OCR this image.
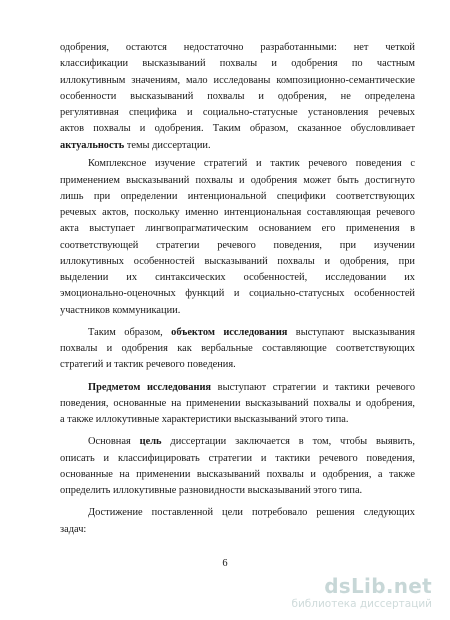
одобрения, остаются недостаточно разработанными: нет четкой
классификации высказываний похвалы и одобрения по частным
иллокутивным значениям, мало исследованы композиционно-семантические
особенности высказываний похвалы и одобрения, не определена
регулятивная специфика и социально-статусные установления речевых
актов похвалы и одобрения. Таким образом, сказанное обусловливает
актуальность темы диссертации.

Комплексное изучение стратегий и тактик речевого поведения с
применением высказываний похвалы и одобрения может быть достигнуто
лишь при определении интенциональной специфики соответствующих
речевых актов, поскольку именно интенциональная составляющая речевого
акта выступает лингвопрагматическим основанием его применения в
соответствующей стратегии речевого поведения, при изучении
иллокутивных особенностей высказываний похвалы и одобрения, при
выделении их синтаксических особенностей, исследовании их
эмоционально-оценочных функций и социально-статусных особенностей
участников коммуникации.

Таким образом, объектом исследования выступают высказывания
похвалы и одобрения как вербальные составляющие соответствующих
стратегий и тактик речевого поведения.

Предметом исследования выступают стратегии и тактики речевого
поведения, основанные на применении высказываний похвалы и одобрения,
а также иллокутивные характеристики высказываний этого типа.

Основная цель диссертации заключается в том, чтобы выявить,
описать и классифицировать стратегии и тактики речевого поведения,
основанные на применении высказываний похвалы и одобрения, а также
определить иллокутивные разновидности высказываний этого типа.

Достижение поставленной цели потребовало решения следующих
задач:

6
dsLib.net
библиотека диссертаций
